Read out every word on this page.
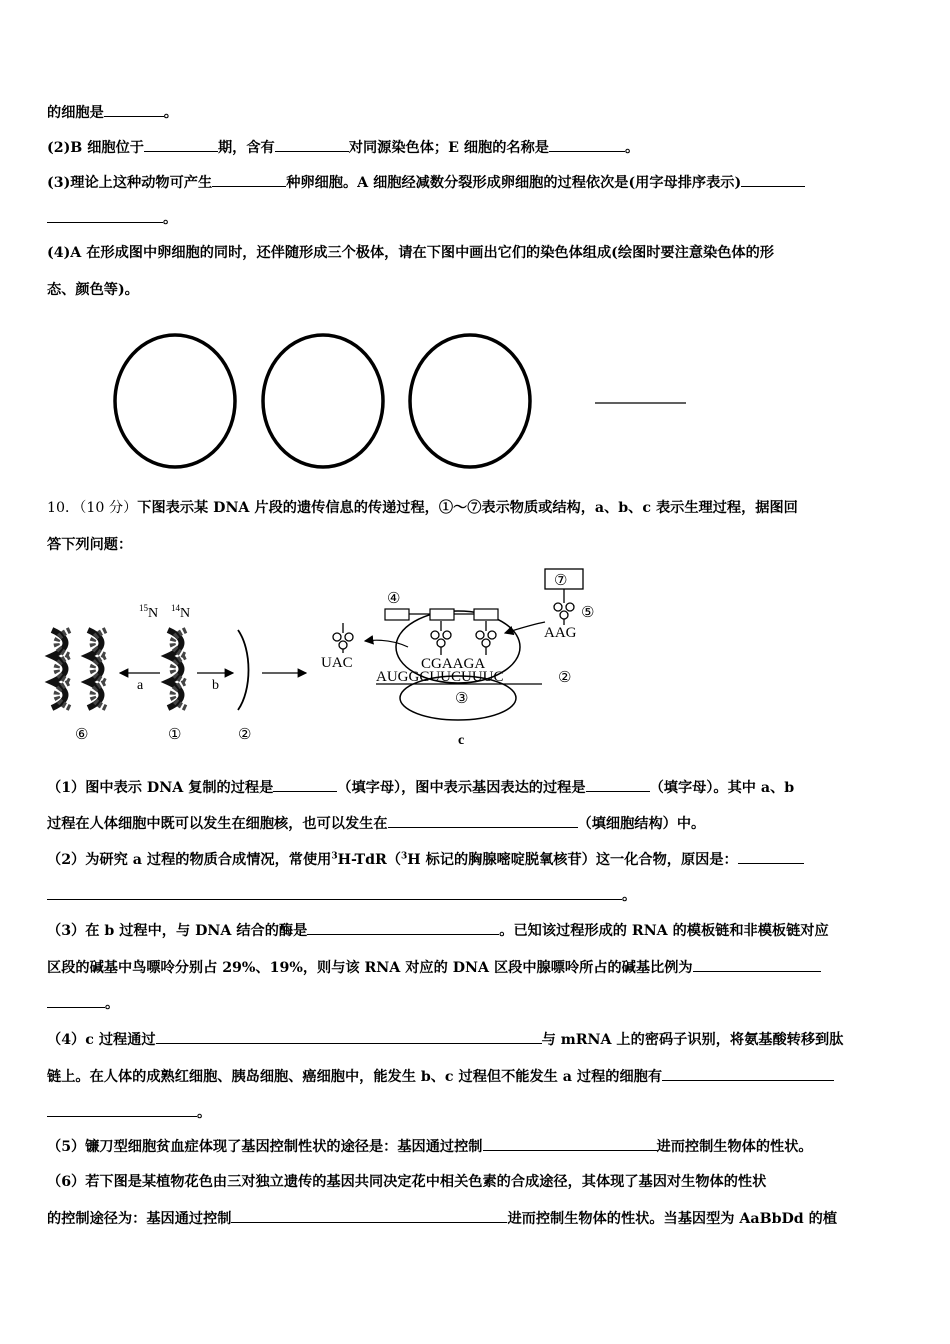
的细胞是	。
(2)B 细胞位于	期，含有	对同源染色体；E 细胞的名称是	。
(3)理论上这种动物可产生	种卵细胞。A 细胞经减数分裂形成卵细胞的过程依次是(用字母排序表示)
。
(4)A 在形成图中卵细胞的同时，还伴随形成三个极体，请在下图中画出它们的染色体组成(绘图时要注意染色体的形
态、颜色等)。
10．（10 分）下图表示某 DNA 片段的遗传信息的传递过程，①～⑦表示物质或结构，a、b、c 表示生理过程，据图回
答下列问题：
⑥
a
$^{15}$N $^{14}$N
①
b
②
③
c
④
CGAAGA
AUGGCUUCUUUC	②
UAC
⑦
⑤
AAG
（1）图中表示 DNA 复制的过程是	（填字母），图中表示基因表达的过程是	（填字母）。其中 a、b
过程在人体细胞中既可以发生在细胞核，也可以发生在	（填细胞结构）中。
（2）为研究 a 过程的物质合成情况，常使用$^3$H-TdR（$^3$H 标记的胸腺嘧啶脱氧核苷）这一化合物，原因是：
。
（3）在 b 过程中，与 DNA 结合的酶是	。已知该过程形成的 RNA 的模板链和非模板链对应
区段的碱基中鸟嘌呤分别占 29%、19%，则与该 RNA 对应的 DNA 区段中腺嘌呤所占的碱基比例为
。
（4）c 过程通过	与 mRNA 上的密码子识别，将氨基酸转移到肽
链上。在人体的成熟红细胞、胰岛细胞、癌细胞中，能发生 b、c 过程但不能发生 a 过程的细胞有
。
（5）镰刀型细胞贫血症体现了基因控制性状的途径是：基因通过控制	进而控制生物体的性状。
（6）若下图是某植物花色由三对独立遗传的基因共同决定花中相关色素的合成途径，其体现了基因对生物体的性状
的控制途径为：基因通过控制	进而控制生物体的性状。当基因型为 AaBbDd 的植
